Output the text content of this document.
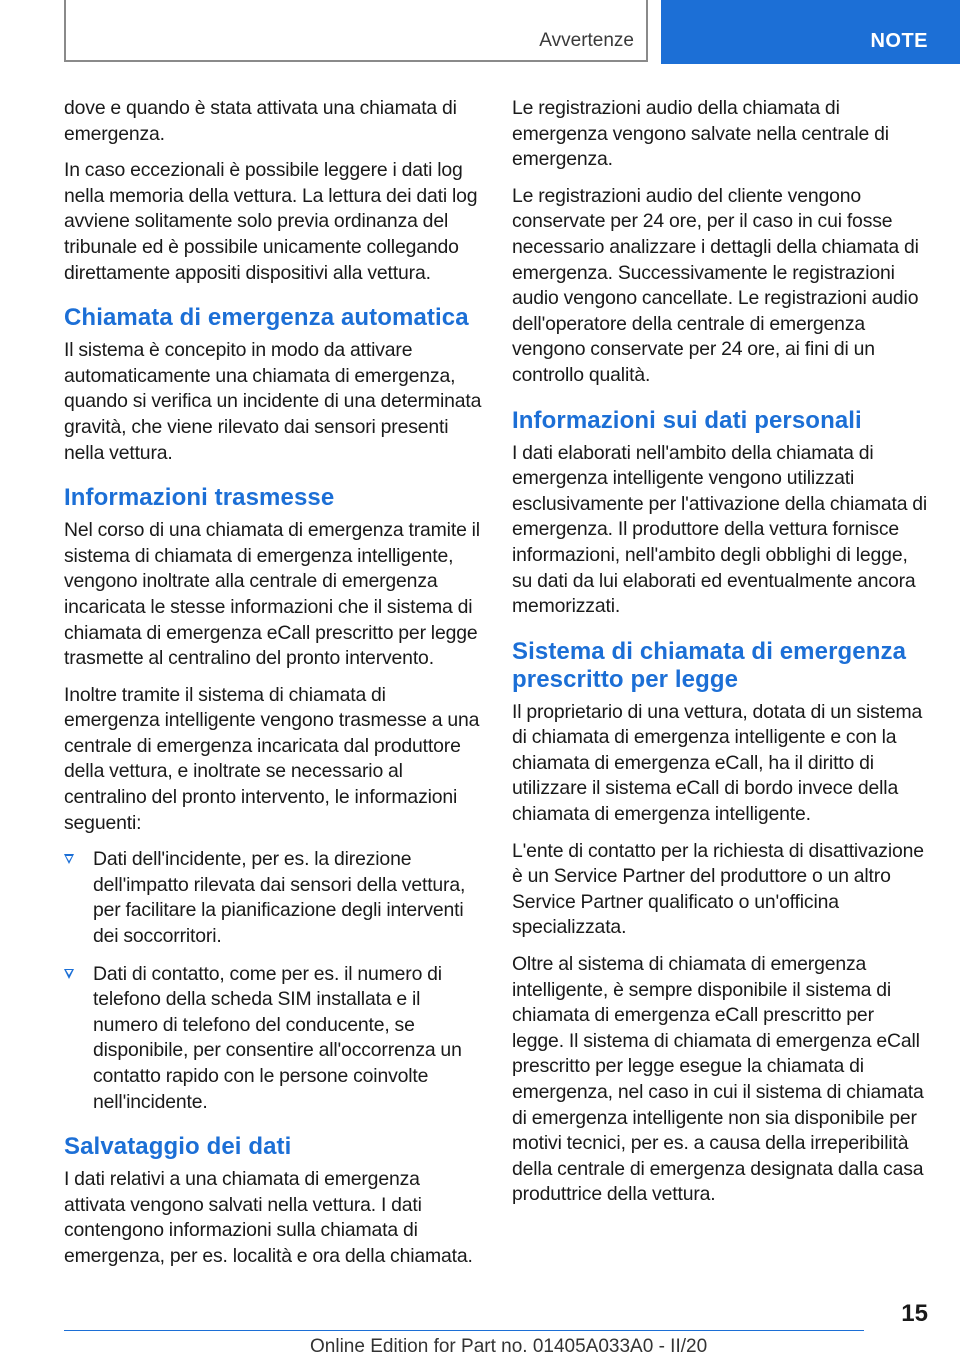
Avvertenze	NOTE

dove e quando è stata attivata una chiamata di emergenza.

In caso eccezionali è possibile leggere i dati log nella memoria della vettura. La lettura dei dati log avviene solitamente solo previa ordinanza del tribunale ed è possibile unicamente collegando direttamente appositi dispositivi alla vettura.

Chiamata di emergenza automatica

Il sistema è concepito in modo da attivare automaticamente una chiamata di emergenza, quando si verifica un incidente di una determinata gravità, che viene rilevato dai sensori presenti nella vettura.

Informazioni trasmesse

Nel corso di una chiamata di emergenza tramite il sistema di chiamata di emergenza intelligente, vengono inoltrate alla centrale di emergenza incaricata le stesse informazioni che il sistema di chiamata di emergenza eCall prescritto per legge trasmette al centralino del pronto intervento.

Inoltre tramite il sistema di chiamata di emergenza intelligente vengono trasmesse a una centrale di emergenza incaricata dal produttore della vettura, e inoltrate se necessario al centralino del pronto intervento, le informazioni seguenti:

Dati dell'incidente, per es. la direzione dell'impatto rilevata dai sensori della vettura, per facilitare la pianificazione degli interventi dei soccorritori.
Dati di contatto, come per es. il numero di telefono della scheda SIM installata e il numero di telefono del conducente, se disponibile, per consentire all'occorrenza un contatto rapido con le persone coinvolte nell'incidente.
Salvataggio dei dati

I dati relativi a una chiamata di emergenza attivata vengono salvati nella vettura. I dati contengono informazioni sulla chiamata di emergenza, per es. località e ora della chiamata.

Le registrazioni audio della chiamata di emergenza vengono salvate nella centrale di emergenza.

Le registrazioni audio del cliente vengono conservate per 24 ore, per il caso in cui fosse necessario analizzare i dettagli della chiamata di emergenza. Successivamente le registrazioni audio vengono cancellate. Le registrazioni audio dell'operatore della centrale di emergenza vengono conservate per 24 ore, ai fini di un controllo qualità.

Informazioni sui dati personali

I dati elaborati nell'ambito della chiamata di emergenza intelligente vengono utilizzati esclusivamente per l'attivazione della chiamata di emergenza. Il produttore della vettura fornisce informazioni, nell'ambito degli obblighi di legge, su dati da lui elaborati ed eventualmente ancora memorizzati.

Sistema di chiamata di emergenza prescritto per legge

Il proprietario di una vettura, dotata di un sistema di chiamata di emergenza intelligente e con la chiamata di emergenza eCall, ha il diritto di utilizzare il sistema eCall di bordo invece della chiamata di emergenza intelligente.

L'ente di contatto per la richiesta di disattivazione è un Service Partner del produttore o un altro Service Partner qualificato o un'officina specializzata.

Oltre al sistema di chiamata di emergenza intelligente, è sempre disponibile il sistema di chiamata di emergenza eCall prescritto per legge. Il sistema di chiamata di emergenza eCall prescritto per legge esegue la chiamata di emergenza, nel caso in cui il sistema di chiamata di emergenza intelligente non sia disponibile per motivi tecnici, per es. a causa della irreperibilità della centrale di emergenza designata dalla casa produttrice della vettura.

15
Online Edition for Part no. 01405A033A0 - II/20
